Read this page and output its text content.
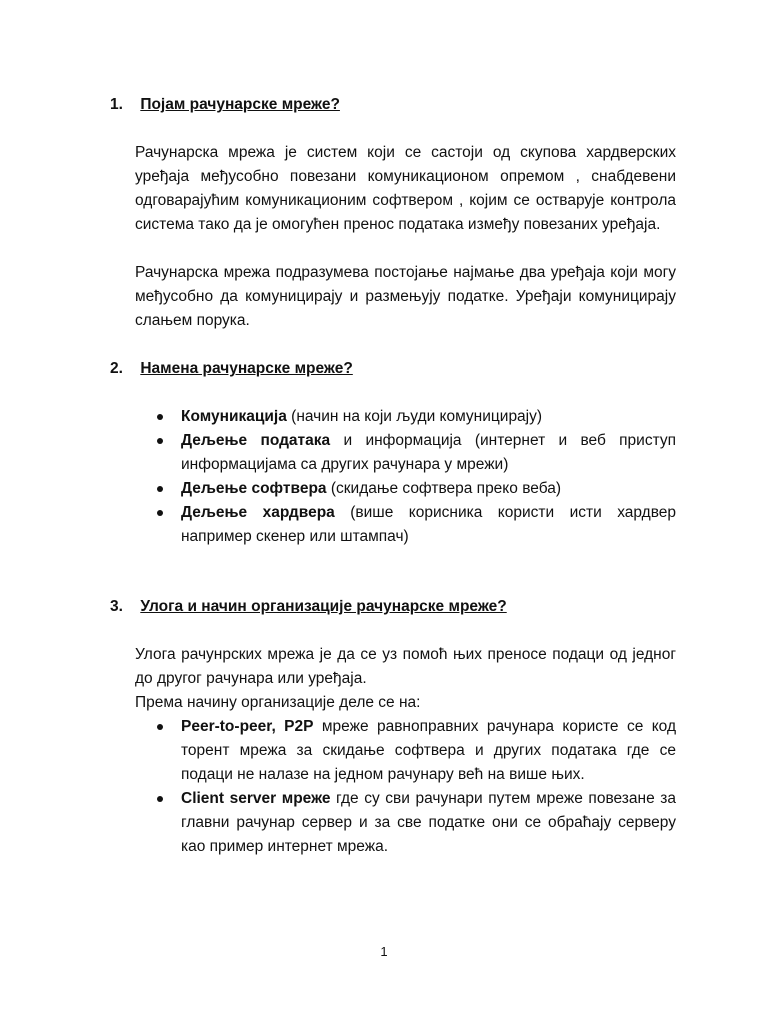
1. Појам рачунарске мреже?

Рачунарска мрежа је систем који се састоји од скупова хардверских уређаја међусобно повезани комуникационом опремом , снабдевени одговарајућим комуникационим софтвером , којим се остварује контрола система тако да је омогућен пренос података између повезаних уређаја.

Рачунарска мрежа подразумева постојање најмање два уређаја који могу међусобно да комуницирају и размењују податке. Уређаји комуницирају слањем порука.

2. Намена рачунарске мреже?
Комуникација (начин на који људи комуницирају)
Дељење података и информација (интернет и веб приступ информацијама са других рачунара у мрежи)
Дељење софтвера (скидање софтвера преко веба)
Дељење хардвера (више корисника користи исти хардвер например скенер или штампач)
3. Улога и начин организације рачунарске мреже?

Улога рачунрских мрежа је да се уз помоћ њих преносе подаци од једног до другог рачунара или уређаја.

Према начину организације деле се на:

Peer-to-peer, P2P мреже равноправних рачунара користе се код торент мрежа за скидање софтвера и других података где се подаци не налазе на једном рачунару већ на више њих.
Client server мреже где су сви рачунари путем мреже повезане за главни рачунар сервер и за све податке они се обраћају серверу као пример интернет мрежа.
1
